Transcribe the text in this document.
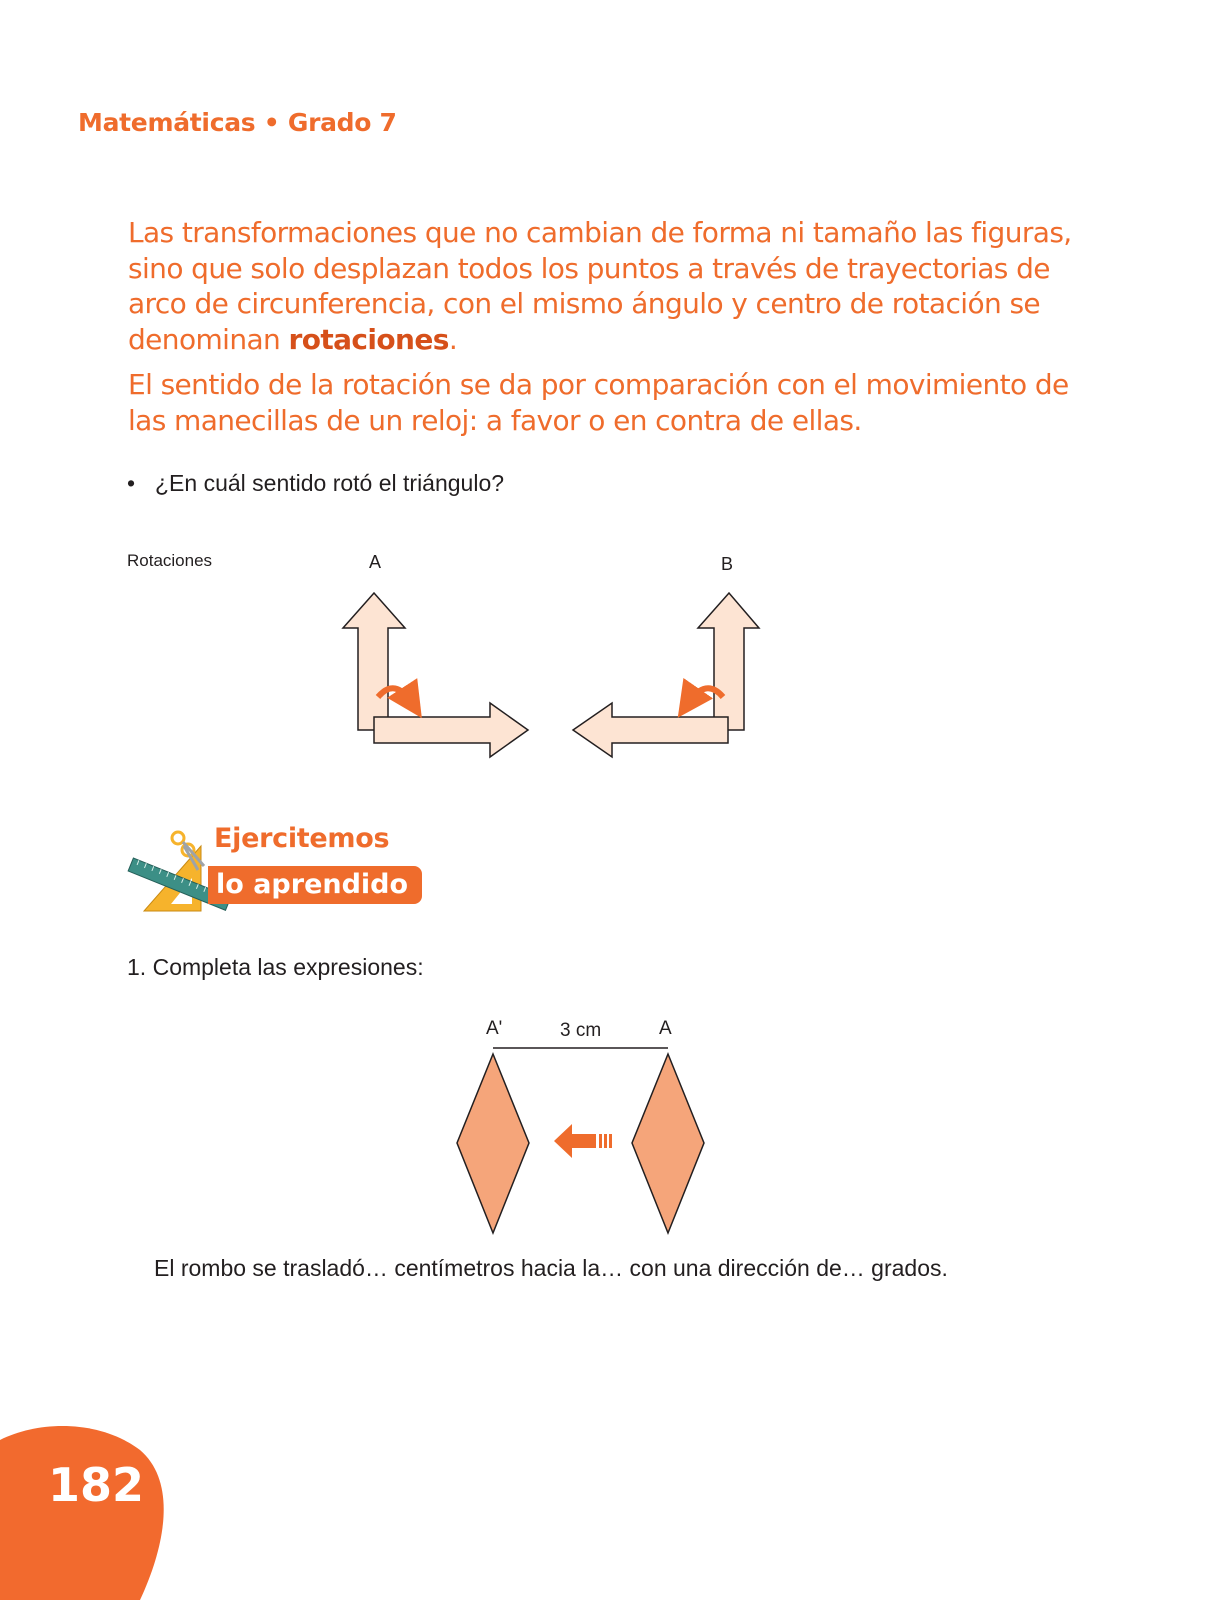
Matemáticas • Grado 7

Las transformaciones que no cambian de forma ni tamaño las figuras, sino que solo desplazan todos los puntos a través de trayectorias de arco de circunferencia, con el mismo ángulo y centro de rotación se denominan rotaciones.

El sentido de la rotación se da por comparación con el movimiento de las manecillas de un reloj: a favor o en contra de ellas.

• ¿En cuál sentido rotó el triángulo?
Rotaciones	A	B
Ejercitemos
lo aprendido
1. Completa las expresiones:
A'	3 cm	A
El rombo se trasladó… centímetros hacia la… con una dirección de… grados.
182
